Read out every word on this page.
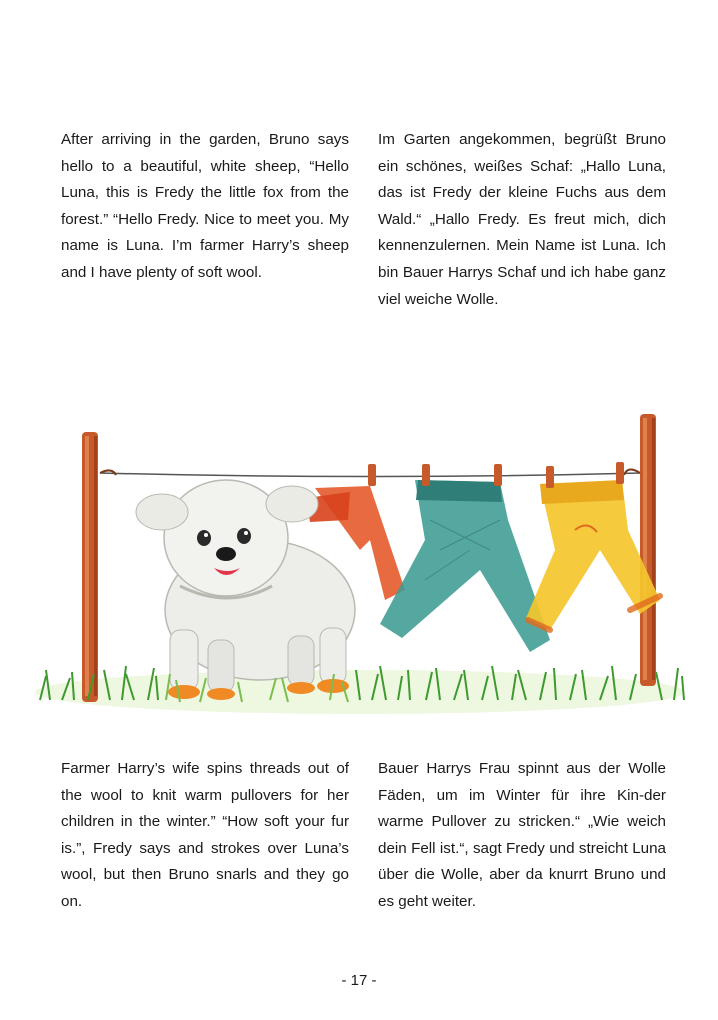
After arriving in the garden, Bruno says hello to a beautiful, white sheep, “Hello Luna, this is Fredy the little fox from the forest.” “Hello Fredy. Nice to meet you. My name is Luna. I’m farmer Harry’s sheep and I have plenty of soft wool.

Im Garten angekommen, begrüßt Bruno ein schönes, weißes Schaf: „Hallo Luna, das ist Fredy der kleine Fuchs aus dem Wald.“ „Hallo Fredy. Es freut mich, dich kennenzulernen. Mein Name ist Luna. Ich bin Bauer Harrys Schaf und ich habe ganz viel weiche Wolle.

Farmer Harry’s wife spins threads out of the wool to knit warm pullovers for her children in the winter.” “How soft your fur is.”, Fredy says and strokes over Luna’s wool, but then Bruno snarls and they go on.

Bauer Harrys Frau spinnt aus der Wolle Fäden, um im Winter für ihre Kin-der warme Pullover zu stricken.“ „Wie weich dein Fell ist.“, sagt Fredy und streicht Luna über die Wolle, aber da knurrt Bruno und es geht weiter.

- 17 -
